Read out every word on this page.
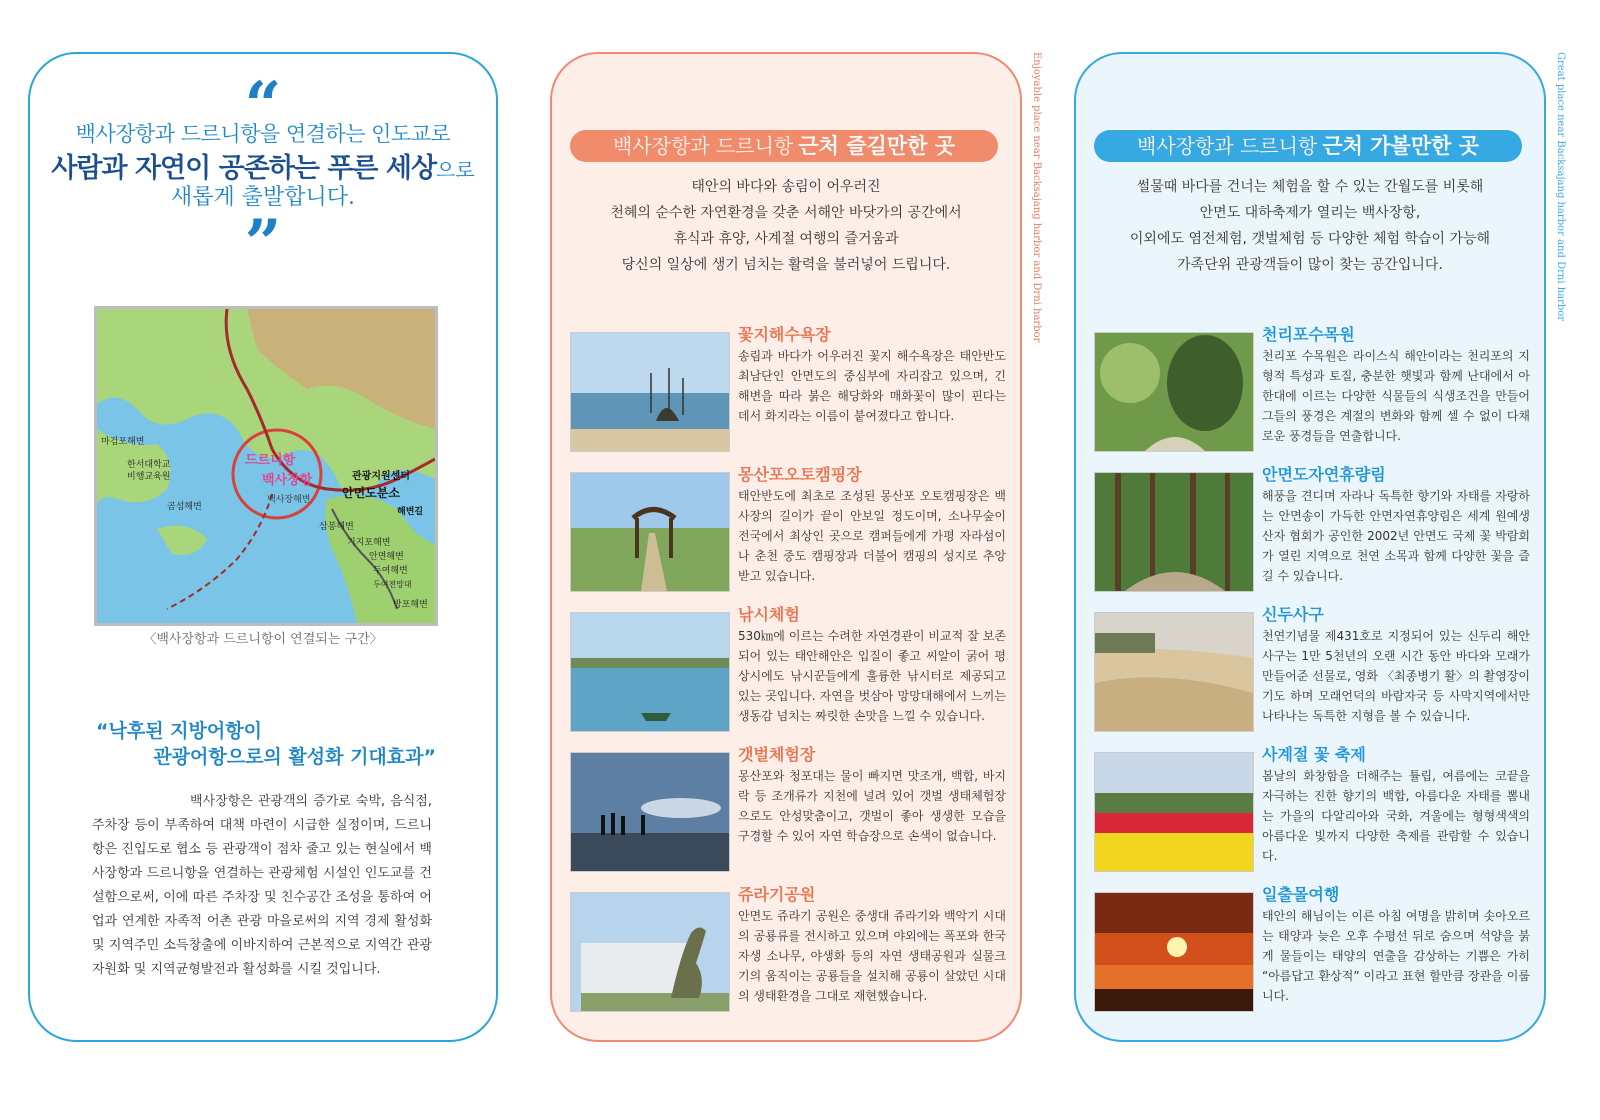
“
백사장항과 드르니항을 연결하는 인도교로
사람과 자연이 공존하는 푸른 세상으로
새롭게 출발합니다.
”
드르니항
백사장항
백사장해변	안면도분소
관광지원센터
마검포해변
곰섬해변
삼봉해변
기지포해변
안면해변
두여해변
두여전망대
방포해변
한서대학교
비행교육원
해변길
〈백사장항과 드르니항이 연결되는 구간〉
“낙후된 지방어항이
관광어항으로의 활성화 기대효과”
백사장항은 관광객의 증가로 숙박, 음식점, 주차장 등이 부족하여 대책 마련이 시급한 실정이며, 드르니항은 진입도로 협소 등 관광객이 점차 줄고 있는 현실에서 백사장항과 드르니항을 연결하는 관광체험 시설인 인도교를 건설함으로써, 이에 따른 주차장 및 친수공간 조성을 통하여 어업과 연계한 자족적 어촌 관광 마을로써의 지역 경제 활성화 및 지역주민 소득창출에 이바지하여 근본적으로 지역간 관광자원화 및 지역균형발전과 활성화를 시킬 것입니다.
백사장항과 드르니항 근처 즐길만한 곳
태안의 바다와 송림이 어우러진
천혜의 순수한 자연환경을 갖춘 서해안 바닷가의 공간에서
휴식과 휴양, 사계절 여행의 즐거움과
당신의 일상에 생기 넘치는 활력을 불러넣어 드립니다.
꽃지해수욕장
송림과 바다가 어우러진 꽃지 해수욕장은 태안반도 최남단인 안면도의 중심부에 자리잡고 있으며, 긴 해변을 따라 붉은 해당화와 매화꽃이 많이 핀다는 데서 화지라는 이름이 붙여졌다고 합니다.
몽산포오토캠핑장
태안반도에 최초로 조성된 몽산포 오토캠핑장은 백사장의 길이가 끝이 안보일 정도이며, 소나무숲이 전국에서 최상인 곳으로 캠퍼들에게 가평 자라섬이나 춘천 중도 캠핑장과 더불어 캠핑의 성지로 추앙받고 있습니다.
낚시체험
530㎞에 이르는 수려한 자연경관이 비교적 잘 보존되어 있는 태안해안은 입질이 좋고 씨알이 굵어 평상시에도 낚시꾼들에게 훌륭한 낚시터로 제공되고 있는 곳입니다. 자연을 벗삼아 망망대해에서 느끼는 생동감 넘치는 짜릿한 손맛을 느낄 수 있습니다.
갯벌체험장
몽산포와 청포대는 물이 빠지면 맛조개, 백합, 바지락 등 조개류가 지천에 널려 있어 갯벌 생태체험장으로도 안성맞춤이고, 갯벌이 좋아 생생한 모습을 구경할 수 있어 자연 학습장으로 손색이 없습니다.
쥬라기공원
안면도 쥬라기 공원은 중생대 쥬라기와 백악기 시대의 공룡류를 전시하고 있으며 야외에는 폭포와 한국자생 소나무, 야생화 등의 자연 생태공원과 실물크기의 움직이는 공룡들을 설치해 공룡이 살았던 시대의 생태환경을 그대로 재현했습니다.
Enjoyable place near Backsajang harbor and Drni harbor	백사장항과 드르니항 근처 가볼만한 곳
썰물때 바다를 건너는 체험을 할 수 있는 간월도를 비롯해
안면도 대하축제가 열리는 백사장항,
이외에도 염전체험, 갯벌체험 등 다양한 체험 학습이 가능해
가족단위 관광객들이 많이 찾는 공간입니다.
천리포수목원
천리포 수목원은 라이스식 해안이라는 천리포의 지형적 특성과 토질, 충분한 햇빛과 함께 난대에서 아한대에 이르는 다양한 식물들의 식생조건을 만들어 그들의 풍경은 계절의 변화와 함께 셀 수 없이 다채로운 풍경들을 연출합니다.
안면도자연휴량림
해풍을 견디며 자라나 독특한 향기와 자태를 자랑하는 안면송이 가득한 안면자연휴양림은 세계 원예생산자 협회가 공인한 2002년 안면도 국제 꽃 박람회가 열린 지역으로 천연 소목과 함께 다양한 꽃을 즐길 수 있습니다.
신두사구
천연기념물 제431호로 지정되어 있는 신두리 해안사구는 1만 5천년의 오랜 시간 동안 바다와 모래가 만들어준 선물로, 영화 〈최종병기 활〉의 촬영장이기도 하며 모래언덕의 바람자국 등 사막지역에서만 나타나는 독특한 지형을 볼 수 있습니다.
사계절 꽃 축제
봄날의 화창함을 더해주는 튤립, 여름에는 코끝을 자극하는 진한 향기의 백합, 아름다운 자태를 뽐내는 가을의 다알리아와 국화, 겨울에는 형형색색의 아름다운 빛까지 다양한 축제를 관람할 수 있습니다.
일출몰여행
태안의 해님이는 이른 아침 여명을 밝히며 솟아오르는 태양과 늦은 오후 수평선 뒤로 숨으며 석양을 붉게 물들이는 태양의 연출을 감상하는 기쁨은 가히 “아름답고 환상적” 이라고 표현 할만큼 장관을 이룹니다.
Great place near Backsajang harbor and Drni harbor
